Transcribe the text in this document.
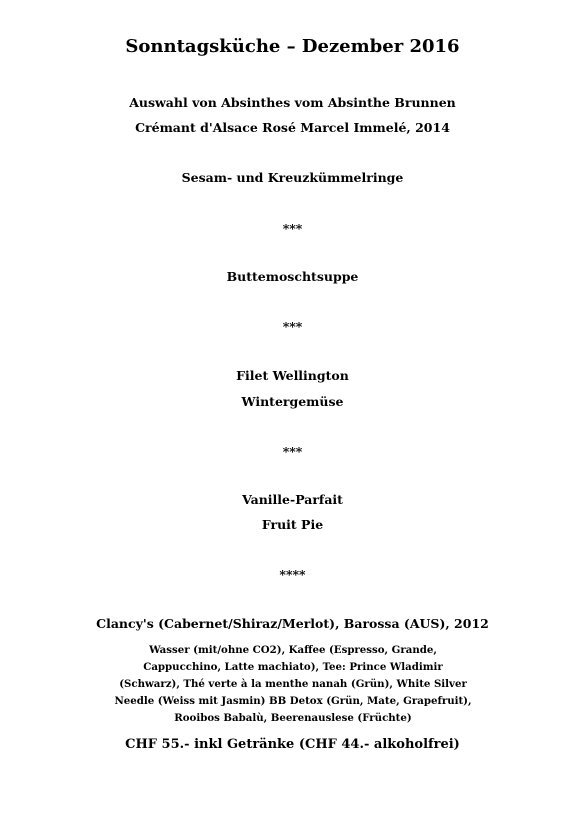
Sonntagsküche – Dezember 2016
Auswahl von Absinthes vom Absinthe Brunnen
Crémant d'Alsace Rosé Marcel Immelé, 2014
Sesam- und Kreuzkümmelringe
***
Buttemoschtsuppe
***
Filet Wellington
Wintergemüse
***
Vanille-Parfait
Fruit Pie
****
Clancy's (Cabernet/Shiraz/Merlot), Barossa (AUS), 2012
Wasser (mit/ohne CO2), Kaffee (Espresso, Grande, Cappucchino, Latte machiato), Tee: Prince Wladimir (Schwarz), Thé verte à la menthe nanah (Grün), White Silver Needle (Weiss mit Jasmin) BB Detox (Grün, Mate, Grapefruit), Rooibos Babalù, Beerenauslese (Früchte)
CHF 55.- inkl Getränke (CHF 44.- alkoholfrei)
